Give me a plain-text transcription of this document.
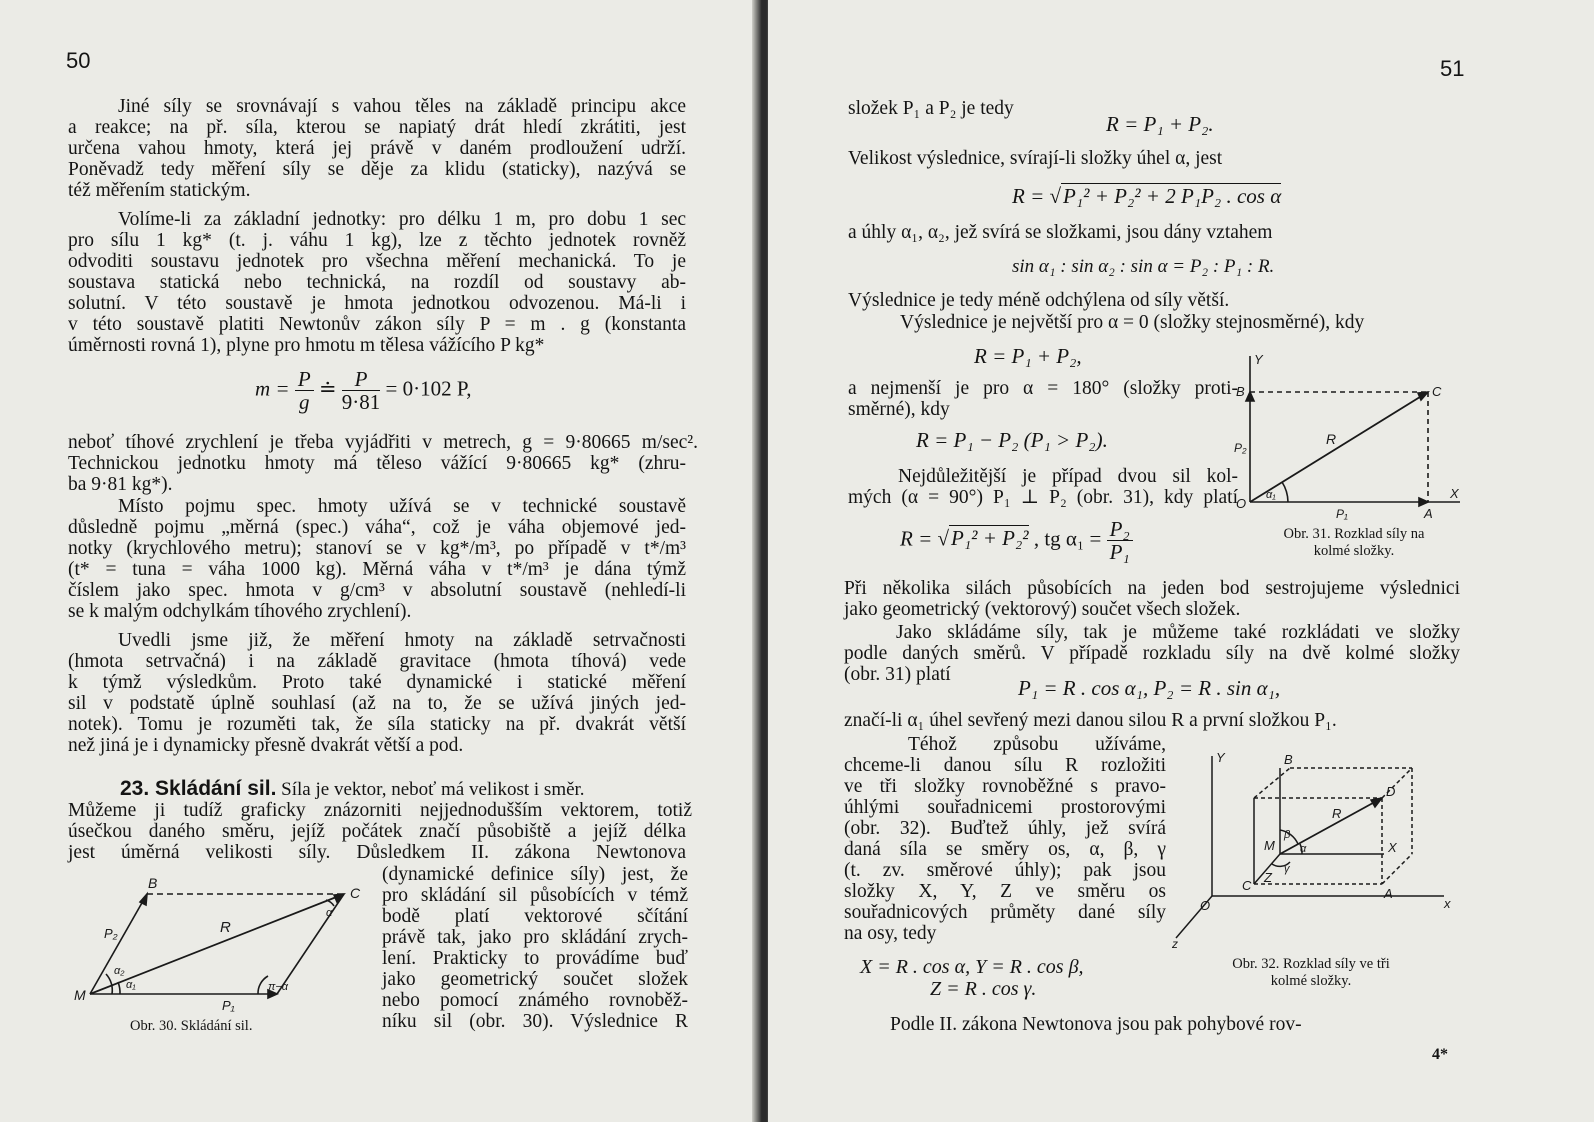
50
Jiné síly se srovnávají s vahou těles na základě principu akce
a reakce; na př. síla, kterou se napiatý drát hledí zkrátiti, jest
určena vahou hmoty, která jej právě v daném prodloužení udrží.
Poněvadž tedy měření síly se děje za klidu (staticky), nazývá se
též měřením statickým.
Volíme-li za základní jednotky: pro délku 1 m, pro dobu 1 sec
pro sílu 1 kg* (t. j. váhu 1 kg), lze z těchto jednotek rovněž
odvoditi soustavu jednotek pro všechna měření mechanická. To je
soustava statická nebo technická, na rozdíl od soustavy ab-
solutní. V této soustavě je hmota jednotkou odvozenou. Má-li i
v této soustavě platiti Newtonův zákon síly P = m . g (konstanta
úměrnosti rovná 1), plyne pro hmotu m tělesa vážícího P kg*
$m = \frac{P}{g}$ ≐ $\frac{P}{9\cdot 81} = 0\cdot 102$ P,
neboť tíhové zrychlení je třeba vyjádřiti v metrech, g = 9·80665 m/sec².
Technickou jednotku hmoty má těleso vážící 9·80665 kg* (zhru-
ba 9·81 kg*).
Místo pojmu spec. hmoty užívá se v technické soustavě
důsledně pojmu „měrná (spec.) váha“, což je váha objemové jed-
notky (krychlového metru); stanoví se v kg*/m³, po případě v t*/m³
(t* = tuna = váha 1000 kg). Měrná váha v t*/m³ je dána týmž
číslem jako spec. hmota v g/cm³ v absolutní soustavě (nehledí-li
se k malým odchylkám tíhového zrychlení).
Uvedli jsme již, že měření hmoty na základě setrvačnosti
(hmota setrvačná) i na základě gravitace (hmota tíhová) vede
k týmž výsledkům. Proto také dynamické i statické měření
sil v podstatě úplně souhlasí (až na to, že se užívá jiných jed-
notek). Tomu je rozuměti tak, že síla staticky na př. dvakrát větší
než jiná je i dynamicky přesně dvakrát větší a pod.
23. Skládání sil. Síla je vektor, neboť má velikost i směr.
Můžeme ji tudíž graficky znázorniti nejjednodušším vektorem, totiž
úsečkou daného směru, jejíž počátek značí působiště a jejíž délka
jest úměrná velikosti síly. Důsledkem II. zákona Newtonova
(dynamické definice síly) jest, že
pro skládání sil působících v témž
bodě platí vektorové sčítání
právě tak, jako pro skládání zrych-
lení. Prakticky to provádíme buď
jako geometrický součet složek
nebo pomocí známého rovnoběž-
níku sil (obr. 30). Výslednice R
M
B
C
R
P₁
P₂
α₁
α₂
π−α
α
Obr. 30. Skládání sil.
51
složek P₁ a P₂ je tedy
R = P₁ + P₂.
Velikost výslednice, svírají-li složky úhel α, jest
R = √P₁² + P₂² + 2 P₁P₂ . cos α
a úhly α₁, α₂, jež svírá se složkami, jsou dány vztahem
sin α₁ : sin α₂ : sin α = P₂ : P₁ : R.
Výslednice je tedy méně odchýlena od síly větší.
Výslednice je největší pro α = 0 (složky stejnosměrné), kdy
R = P₁ + P₂,
a nejmenší je pro α = 180° (složky proti-
směrné), kdy
R = P₁ − P₂ (P₁ > P₂).
Nejdůležitější je případ dvou sil kol-
mých (α = 90°) P₁ ⊥ P₂ (obr. 31), kdy platí
R = √P₁² + P₂² , tg $\alpha_1 = \frac{\text{P₂}}{\text{P₁}}$
Y
B	C
O
A
X
R
P₁
P₂
α₁
Obr. 31. Rozklad síly na
kolmé složky.
Při několika silách působících na jeden bod sestrojujeme výslednici
jako geometrický (vektorový) součet všech složek.
Jako skládáme síly, tak je můžeme také rozkládati ve složky
podle daných směrů. V případě rozkladu síly na dvě kolmé složky
(obr. 31) platí
P₁ = R . cos α₁, P₂ = R . sin α₁,
značí-li α₁ úhel sevřený mezi danou silou R a první složkou P₁.
Téhož způsobu užíváme,
chceme-li danou sílu R rozložiti
ve tři složky rovnoběžné s pravo-
úhlými souřadnicemi prostorovými
(obr. 32). Buďtež úhly, jež svírá
daná síla se směry os, α, β, γ
(t. zv. směrové úhly); pak jsou
složky X, Y, Z ve směru os
souřadnicových průměty dané síly
na osy, tedy
X = R . cos α, Y = R . cos β,
Z = R . cos γ.
Y	B
D
R
M
β
α
γ
X
C
Z
A
O	x
z
Obr. 32. Rozklad síly ve tři
kolmé složky.
Podle II. zákona Newtonova jsou pak pohybové rov-
4*
